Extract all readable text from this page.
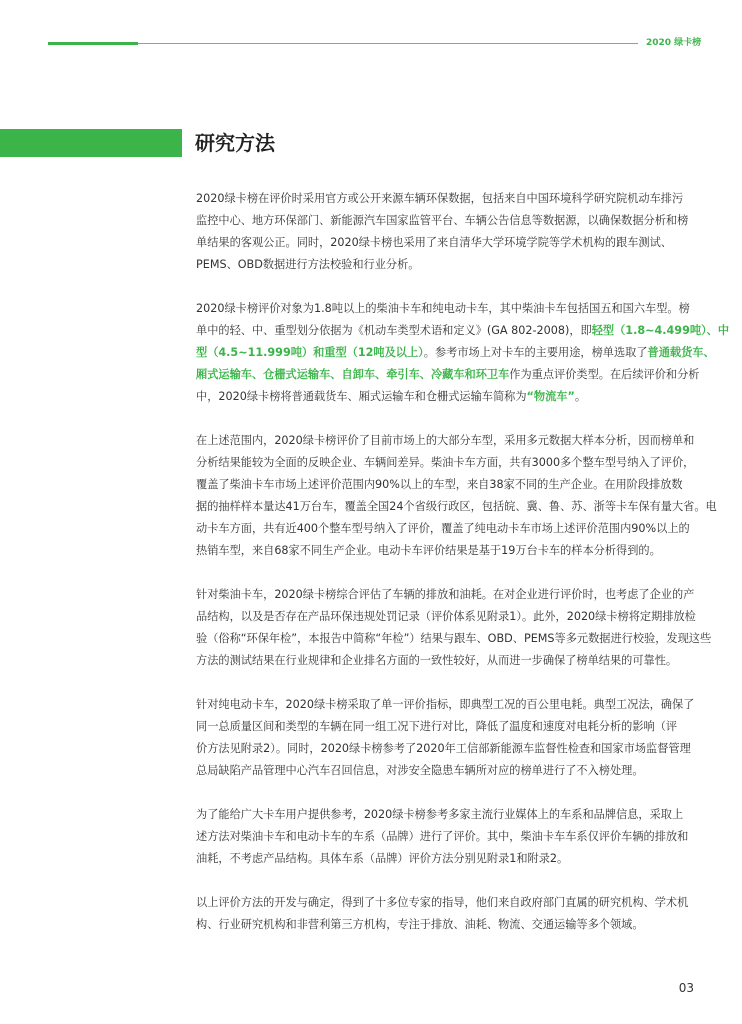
2020 绿卡榜
研究方法

2020绿卡榜在评价时采用官方或公开来源车辆环保数据，包括来自中国环境科学研究院机动车排污
监控中心、地方环保部门、新能源汽车国家监管平台、车辆公告信息等数据源，以确保数据分析和榜
单结果的客观公正。同时，2020绿卡榜也采用了来自清华大学环境学院等学术机构的跟车测试、
PEMS、OBD数据进行方法校验和行业分析。

2020绿卡榜评价对象为1.8吨以上的柴油卡车和纯电动卡车，其中柴油卡车包括国五和国六车型。榜
单中的轻、中、重型划分依据为《机动车类型术语和定义》(GA 802-2008)，即轻型（1.8~4.499吨）、中
型（4.5~11.999吨）和重型（12吨及以上）。参考市场上对卡车的主要用途，榜单选取了普通载货车、
厢式运输车、仓栅式运输车、自卸车、牵引车、冷藏车和环卫车作为重点评价类型。在后续评价和分析
中，2020绿卡榜将普通载货车、厢式运输车和仓栅式运输车简称为“物流车”。

在上述范围内，2020绿卡榜评价了目前市场上的大部分车型，采用多元数据大样本分析，因而榜单和
分析结果能较为全面的反映企业、车辆间差异。柴油卡车方面，共有3000多个整车型号纳入了评价，
覆盖了柴油卡车市场上述评价范围内90%以上的车型，来自38家不同的生产企业。在用阶段排放数
据的抽样样本量达41万台车，覆盖全国24个省级行政区，包括皖、冀、鲁、苏、浙等卡车保有量大省。电
动卡车方面，共有近400个整车型号纳入了评价，覆盖了纯电动卡车市场上述评价范围内90%以上的
热销车型，来自68家不同生产企业。电动卡车评价结果是基于19万台卡车的样本分析得到的。

针对柴油卡车，2020绿卡榜综合评估了车辆的排放和油耗。在对企业进行评价时，也考虑了企业的产
品结构，以及是否存在产品环保违规处罚记录（评价体系见附录1）。此外，2020绿卡榜将定期排放检
验（俗称“环保年检”，本报告中简称“年检”）结果与跟车、OBD、PEMS等多元数据进行校验，发现这些
方法的测试结果在行业规律和企业排名方面的一致性较好，从而进一步确保了榜单结果的可靠性。

针对纯电动卡车，2020绿卡榜采取了单一评价指标，即典型工况的百公里电耗。典型工况法，确保了
同一总质量区间和类型的车辆在同一组工况下进行对比，降低了温度和速度对电耗分析的影响（评
价方法见附录2）。同时，2020绿卡榜参考了2020年工信部新能源车监督性检查和国家市场监督管理
总局缺陷产品管理中心汽车召回信息，对涉安全隐患车辆所对应的榜单进行了不入榜处理。

为了能给广大卡车用户提供参考，2020绿卡榜参考多家主流行业媒体上的车系和品牌信息，采取上
述方法对柴油卡车和电动卡车的车系（品牌）进行了评价。其中，柴油卡车车系仅评价车辆的排放和
油耗，不考虑产品结构。具体车系（品牌）评价方法分别见附录1和附录2。

以上评价方法的开发与确定，得到了十多位专家的指导，他们来自政府部门直属的研究机构、学术机
构、行业研究机构和非营利第三方机构，专注于排放、油耗、物流、交通运输等多个领域。

03
